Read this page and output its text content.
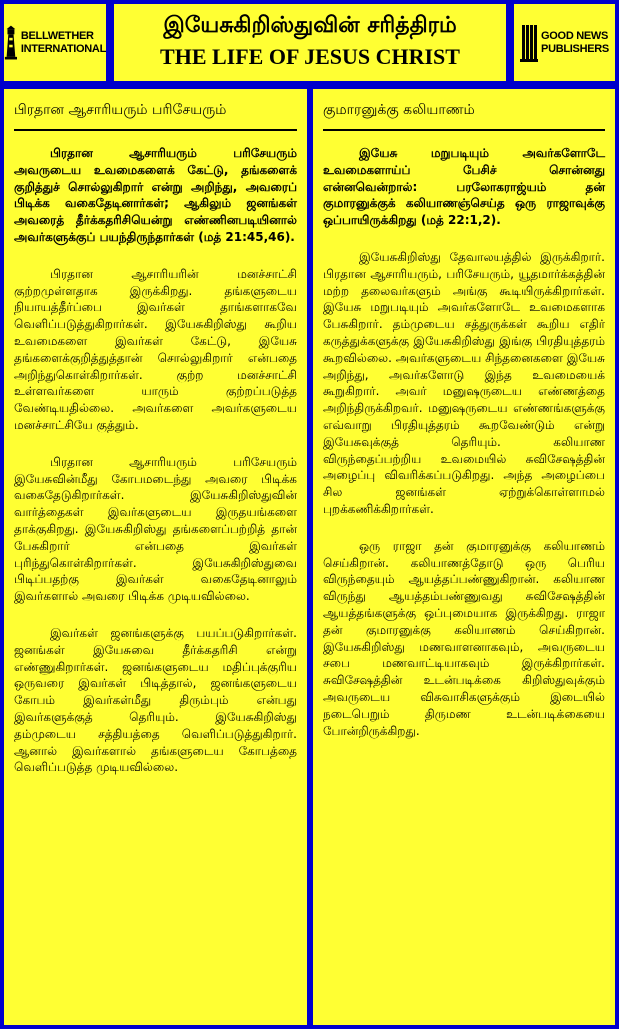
BELLWETHER
INTERNATIONAL
இயேசுகிறிஸ்துவின் சரித்திரம்
THE LIFE OF JESUS CHRIST
GOOD NEWS
PUBLISHERS
பிரதான ஆசாரியரும் பரிசேயரும்

பிரதான ஆசாரியரும் பரிசேயரும் அவருடைய உவமைகளைக் கேட்டு, தங்களைக் குறித்துச் சொல்லுகிறார் என்று அறிந்து, அவரைப் பிடிக்க வகைதேடினார்கள்; ஆகிலும் ஜனங்கள் அவரைத் தீர்க்கதரிசியென்று எண்ணினபடியினால் அவர்களுக்குப் பயந்திருந்தார்கள் (மத் 21:45,46).

பிரதான ஆசாரியரின் மனச்சாட்சி குற்றமுள்ளதாக இருக்கிறது. தங்களுடைய நியாயத்தீர்ப்பை இவர்கள் தாங்களாகவே வெளிப்படுத்துகிறார்கள். இயேசுகிறிஸ்து கூறிய உவமைகளை இவர்கள் கேட்டு, இயேசு தங்களைக்குறித்துத்தான் சொல்லுகிறார் என்பதை அறிந்துகொள்கிறார்கள். குற்ற மனச்சாட்சி உள்ளவர்களை யாரும் குற்றப்படுத்த வேண்டியதில்லை. அவர்களை அவர்களுடைய மனச்சாட்சியே குத்தும்.

பிரதான ஆசாரியரும் பரிசேயரும் இயேசுவின்மீது கோபமடைந்து அவரை பிடிக்க வகைதேடுகிறார்கள். இயேசுகிறிஸ்துவின் வார்த்தைகள் இவர்களுடைய இருதயங்களை தாக்குகிறது. இயேசுகிறிஸ்து தங்களைப்பற்றித் தான் பேசுகிறார் என்பதை இவர்கள் புரிந்துகொள்கிறார்கள். இயேசுகிறிஸ்துவை பிடிப்பதற்கு இவர்கள் வகைதேடினாலும் இவர்களால் அவரை பிடிக்க முடியவில்லை.

இவர்கள் ஜனங்களுக்கு பயப்படுகிறார்கள். ஜனங்கள் இயேசுவை தீர்க்கதரிசி என்று எண்ணுகிறார்கள். ஜனங்களுடைய மதிப்புக்குரிய ஒருவரை இவர்கள் பிடித்தால், ஜனங்களுடைய கோபம் இவர்கள்மீது திரும்பும் என்பது இவர்களுக்குத் தெரியும். இயேசுகிறிஸ்து தம்முடைய சத்தியத்தை வெளிப்படுத்துகிறார். ஆனால் இவர்களால் தங்களுடைய கோபத்தை வெளிப்படுத்த முடியவில்லை.

குமாரனுக்கு கலியாணம்

இயேசு மறுபடியும் அவர்களோடே உவமைகளாய்ப் பேசிச் சொன்னது என்னவென்றால்: பரலோகராஜ்யம் தன் குமாரனுக்குக் கலியாணஞ்செய்த ஒரு ராஜாவுக்கு ஒப்பாயிருக்கிறது (மத் 22:1,2).

இயேசுகிறிஸ்து தேவாலயத்தில் இருக்கிறார். பிரதான ஆசாரியரும், பரிசேயரும், யூதமார்க்கத்தின் மற்ற தலைவர்களும் அங்கு கூடியிருக்கிறார்கள். இயேசு மறுபடியும் அவர்களோடே உவமைகளாக பேசுகிறார். தம்முடைய சத்துருக்கள் கூறிய எதிர் கருத்துக்களுக்கு இயேசுகிறிஸ்து இங்கு பிரதியுத்தரம் கூறவில்லை. அவர்களுடைய சிந்தனைகளை இயேசு அறிந்து, அவர்களோடு இந்த உவமையைக் கூறுகிறார். அவர் மனுஷருடைய எண்ணத்தை அறிந்திருக்கிறவர். மனுஷருடைய எண்ணங்களுக்கு எவ்வாறு பிரதியுத்தரம் கூறவேண்டும் என்று இயேசுவுக்குத் தெரியும். கலியாண விருந்தைப்பற்றிய உவமையில் சுவிசேஷத்தின் அழைப்பு விவரிக்கப்படுகிறது. அந்த அழைப்பை சில ஜனங்கள் ஏற்றுக்கொள்ளாமல் புறக்கணிக்கிறார்கள்.

ஒரு ராஜா தன் குமாரனுக்கு கலியாணம் செய்கிறான். கலியாணத்தோடு ஒரு பெரிய விருந்தையும் ஆயத்தப்பண்ணுகிறான். கலியாண விருந்து ஆயத்தம்பண்ணுவது சுவிசேஷத்தின் ஆயத்தங்களுக்கு ஒப்புமையாக இருக்கிறது. ராஜா தன் குமாரனுக்கு கலியாணம் செய்கிறான். இயேசுகிறிஸ்து மணவாளனாகவும், அவருடைய சபை மணவாட்டியாகவும் இருக்கிறார்கள். சுவிசேஷத்தின் உடன்படிக்கை கிறிஸ்துவுக்கும் அவருடைய விசுவாசிகளுக்கும் இடையில் நடைபெறும் திருமண உடன்படிக்கையை போன்றிருக்கிறது.
